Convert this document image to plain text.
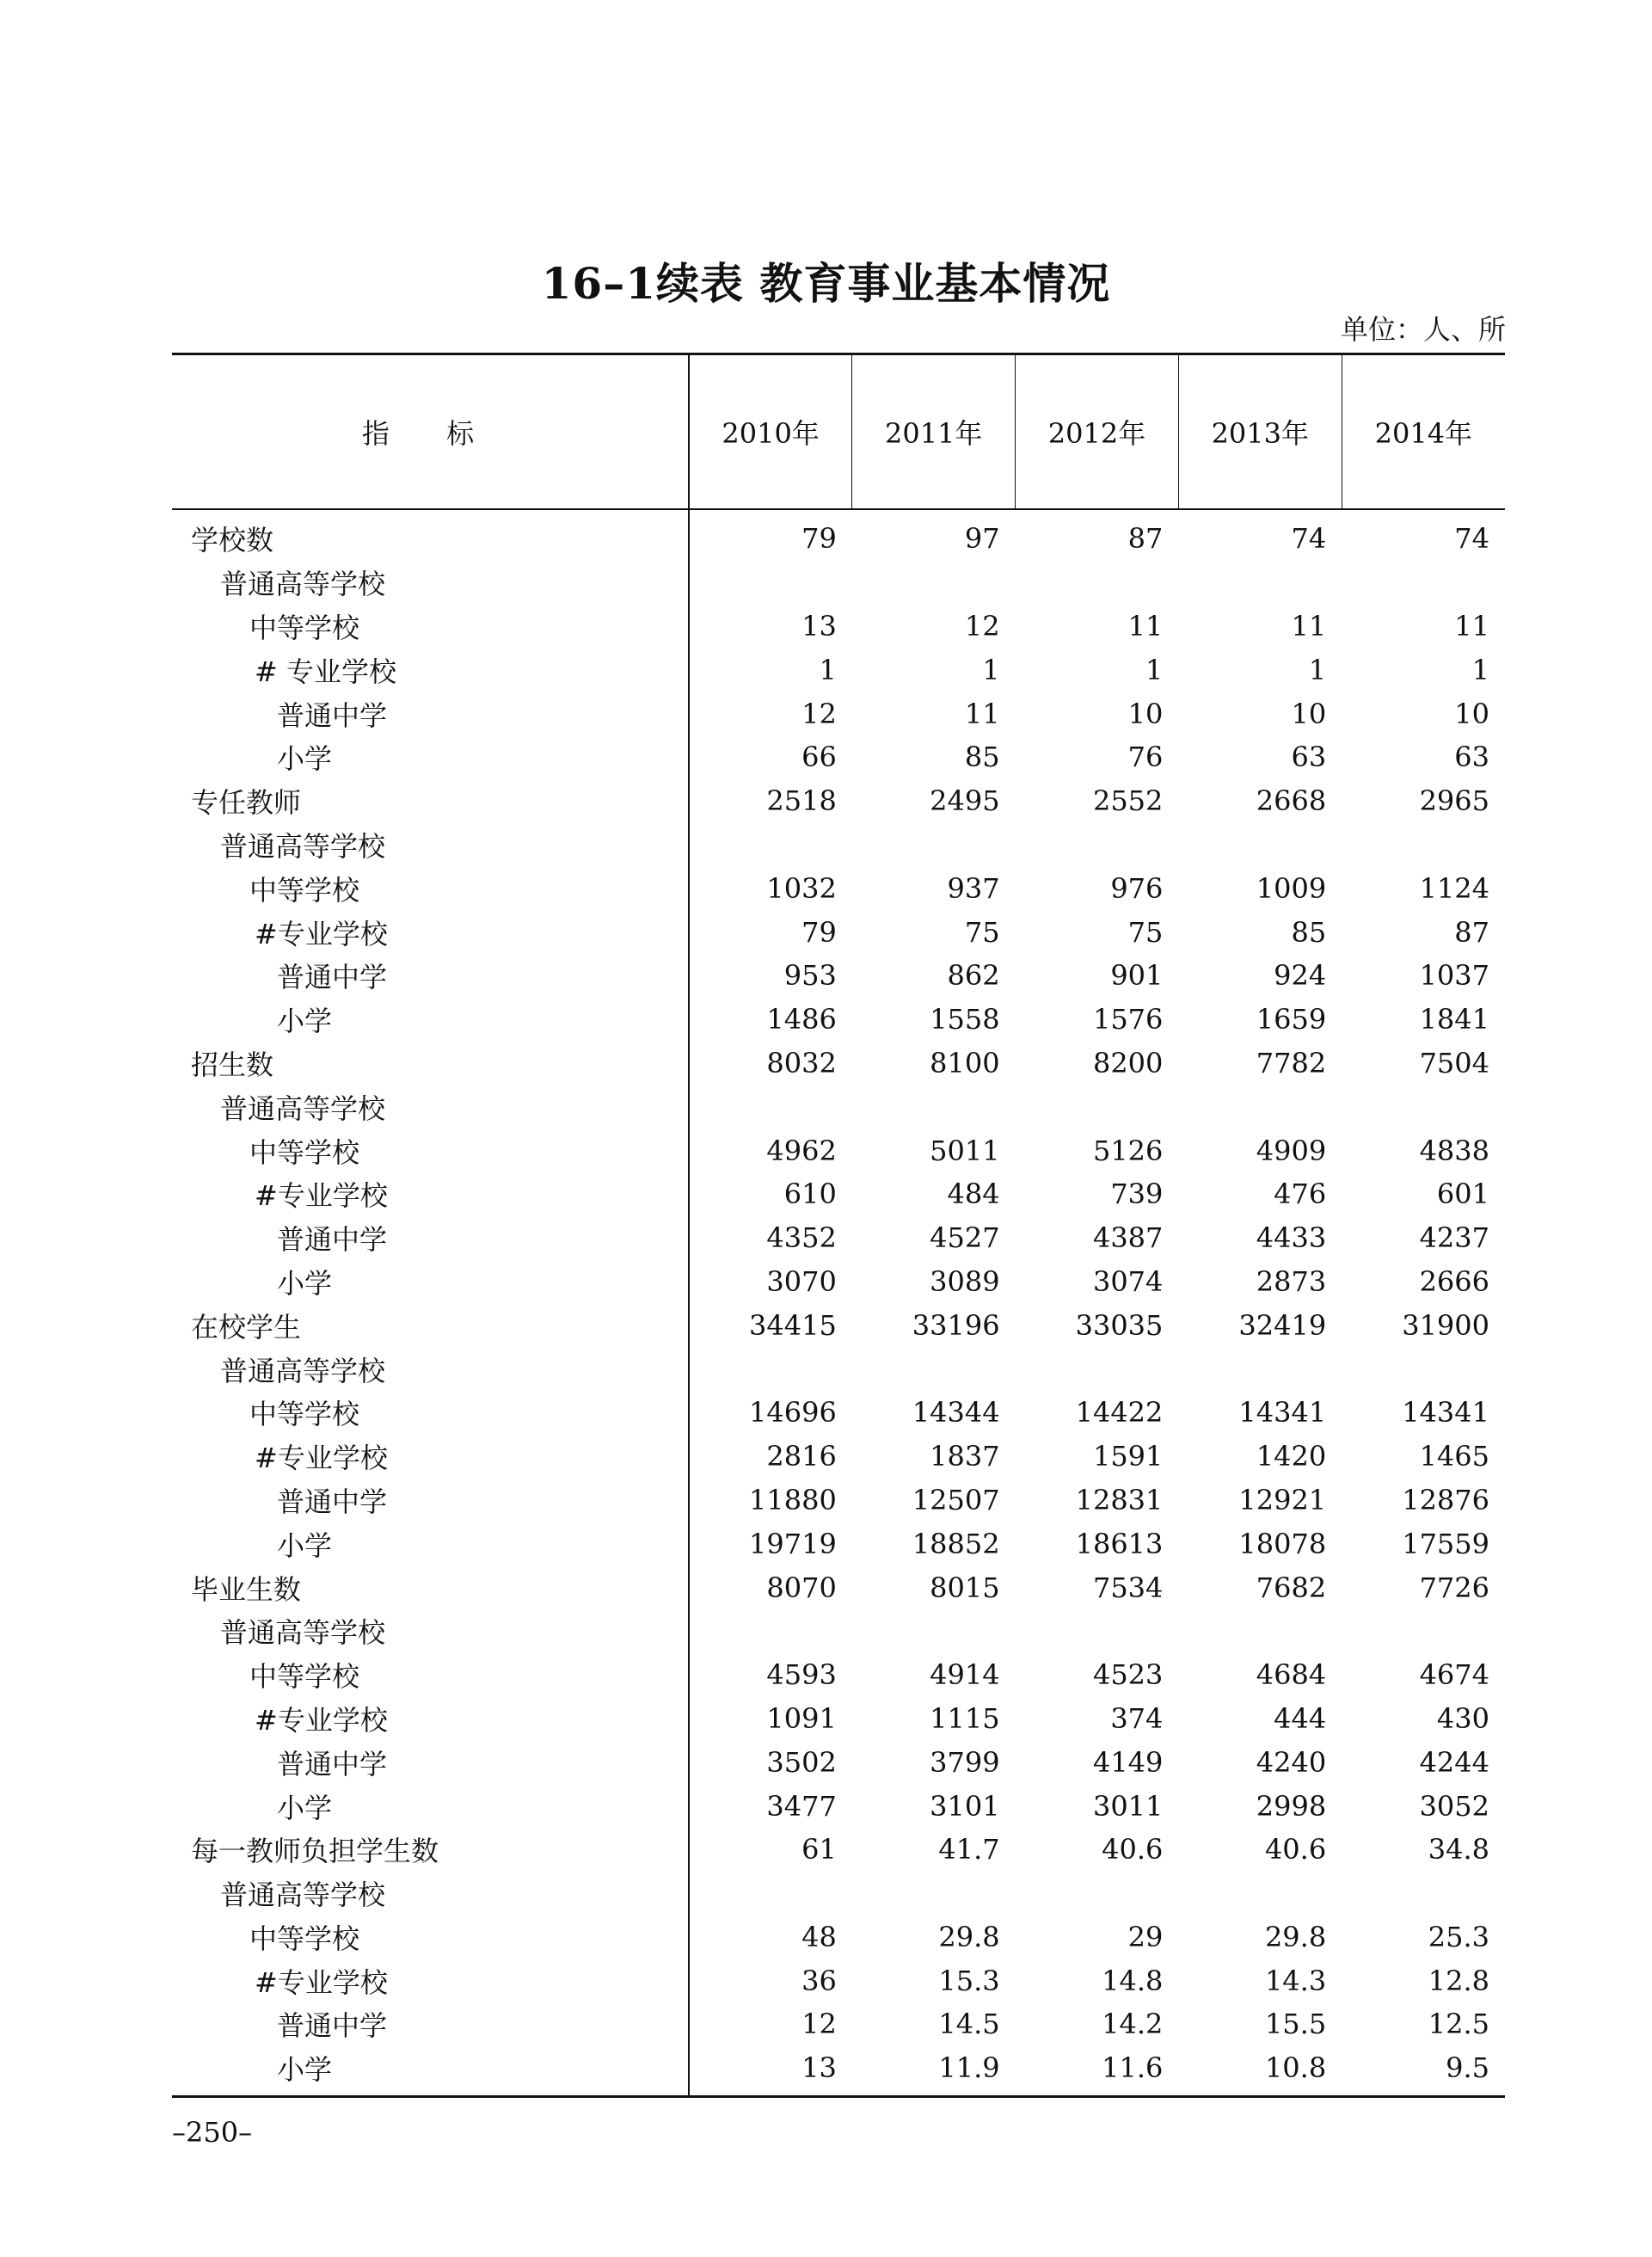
16–1续表 教育事业基本情况
单位：人、所
指 标	2010年	2011年	2012年	2013年	2014年
学校数	79	97	87	74	74
普通高等学校					
中等学校	13	12	11	11	11
# 专业学校	1	1	1	1	1
普通中学	12	11	10	10	10
小学	66	85	76	63	63
专任教师	2518	2495	2552	2668	2965
普通高等学校					
中等学校	1032	937	976	1009	1124
#专业学校	79	75	75	85	87
普通中学	953	862	901	924	1037
小学	1486	1558	1576	1659	1841
招生数	8032	8100	8200	7782	7504
普通高等学校					
中等学校	4962	5011	5126	4909	4838
#专业学校	610	484	739	476	601
普通中学	4352	4527	4387	4433	4237
小学	3070	3089	3074	2873	2666
在校学生	34415	33196	33035	32419	31900
普通高等学校					
中等学校	14696	14344	14422	14341	14341
#专业学校	2816	1837	1591	1420	1465
普通中学	11880	12507	12831	12921	12876
小学	19719	18852	18613	18078	17559
毕业生数	8070	8015	7534	7682	7726
普通高等学校					
中等学校	4593	4914	4523	4684	4674
#专业学校	1091	1115	374	444	430
普通中学	3502	3799	4149	4240	4244
小学	3477	3101	3011	2998	3052
每一教师负担学生数	61	41.7	40.6	40.6	34.8
普通高等学校					
中等学校	48	29.8	29	29.8	25.3
#专业学校	36	15.3	14.8	14.3	12.8
普通中学	12	14.5	14.2	15.5	12.5
小学	13	11.9	11.6	10.8	9.5
–250–
